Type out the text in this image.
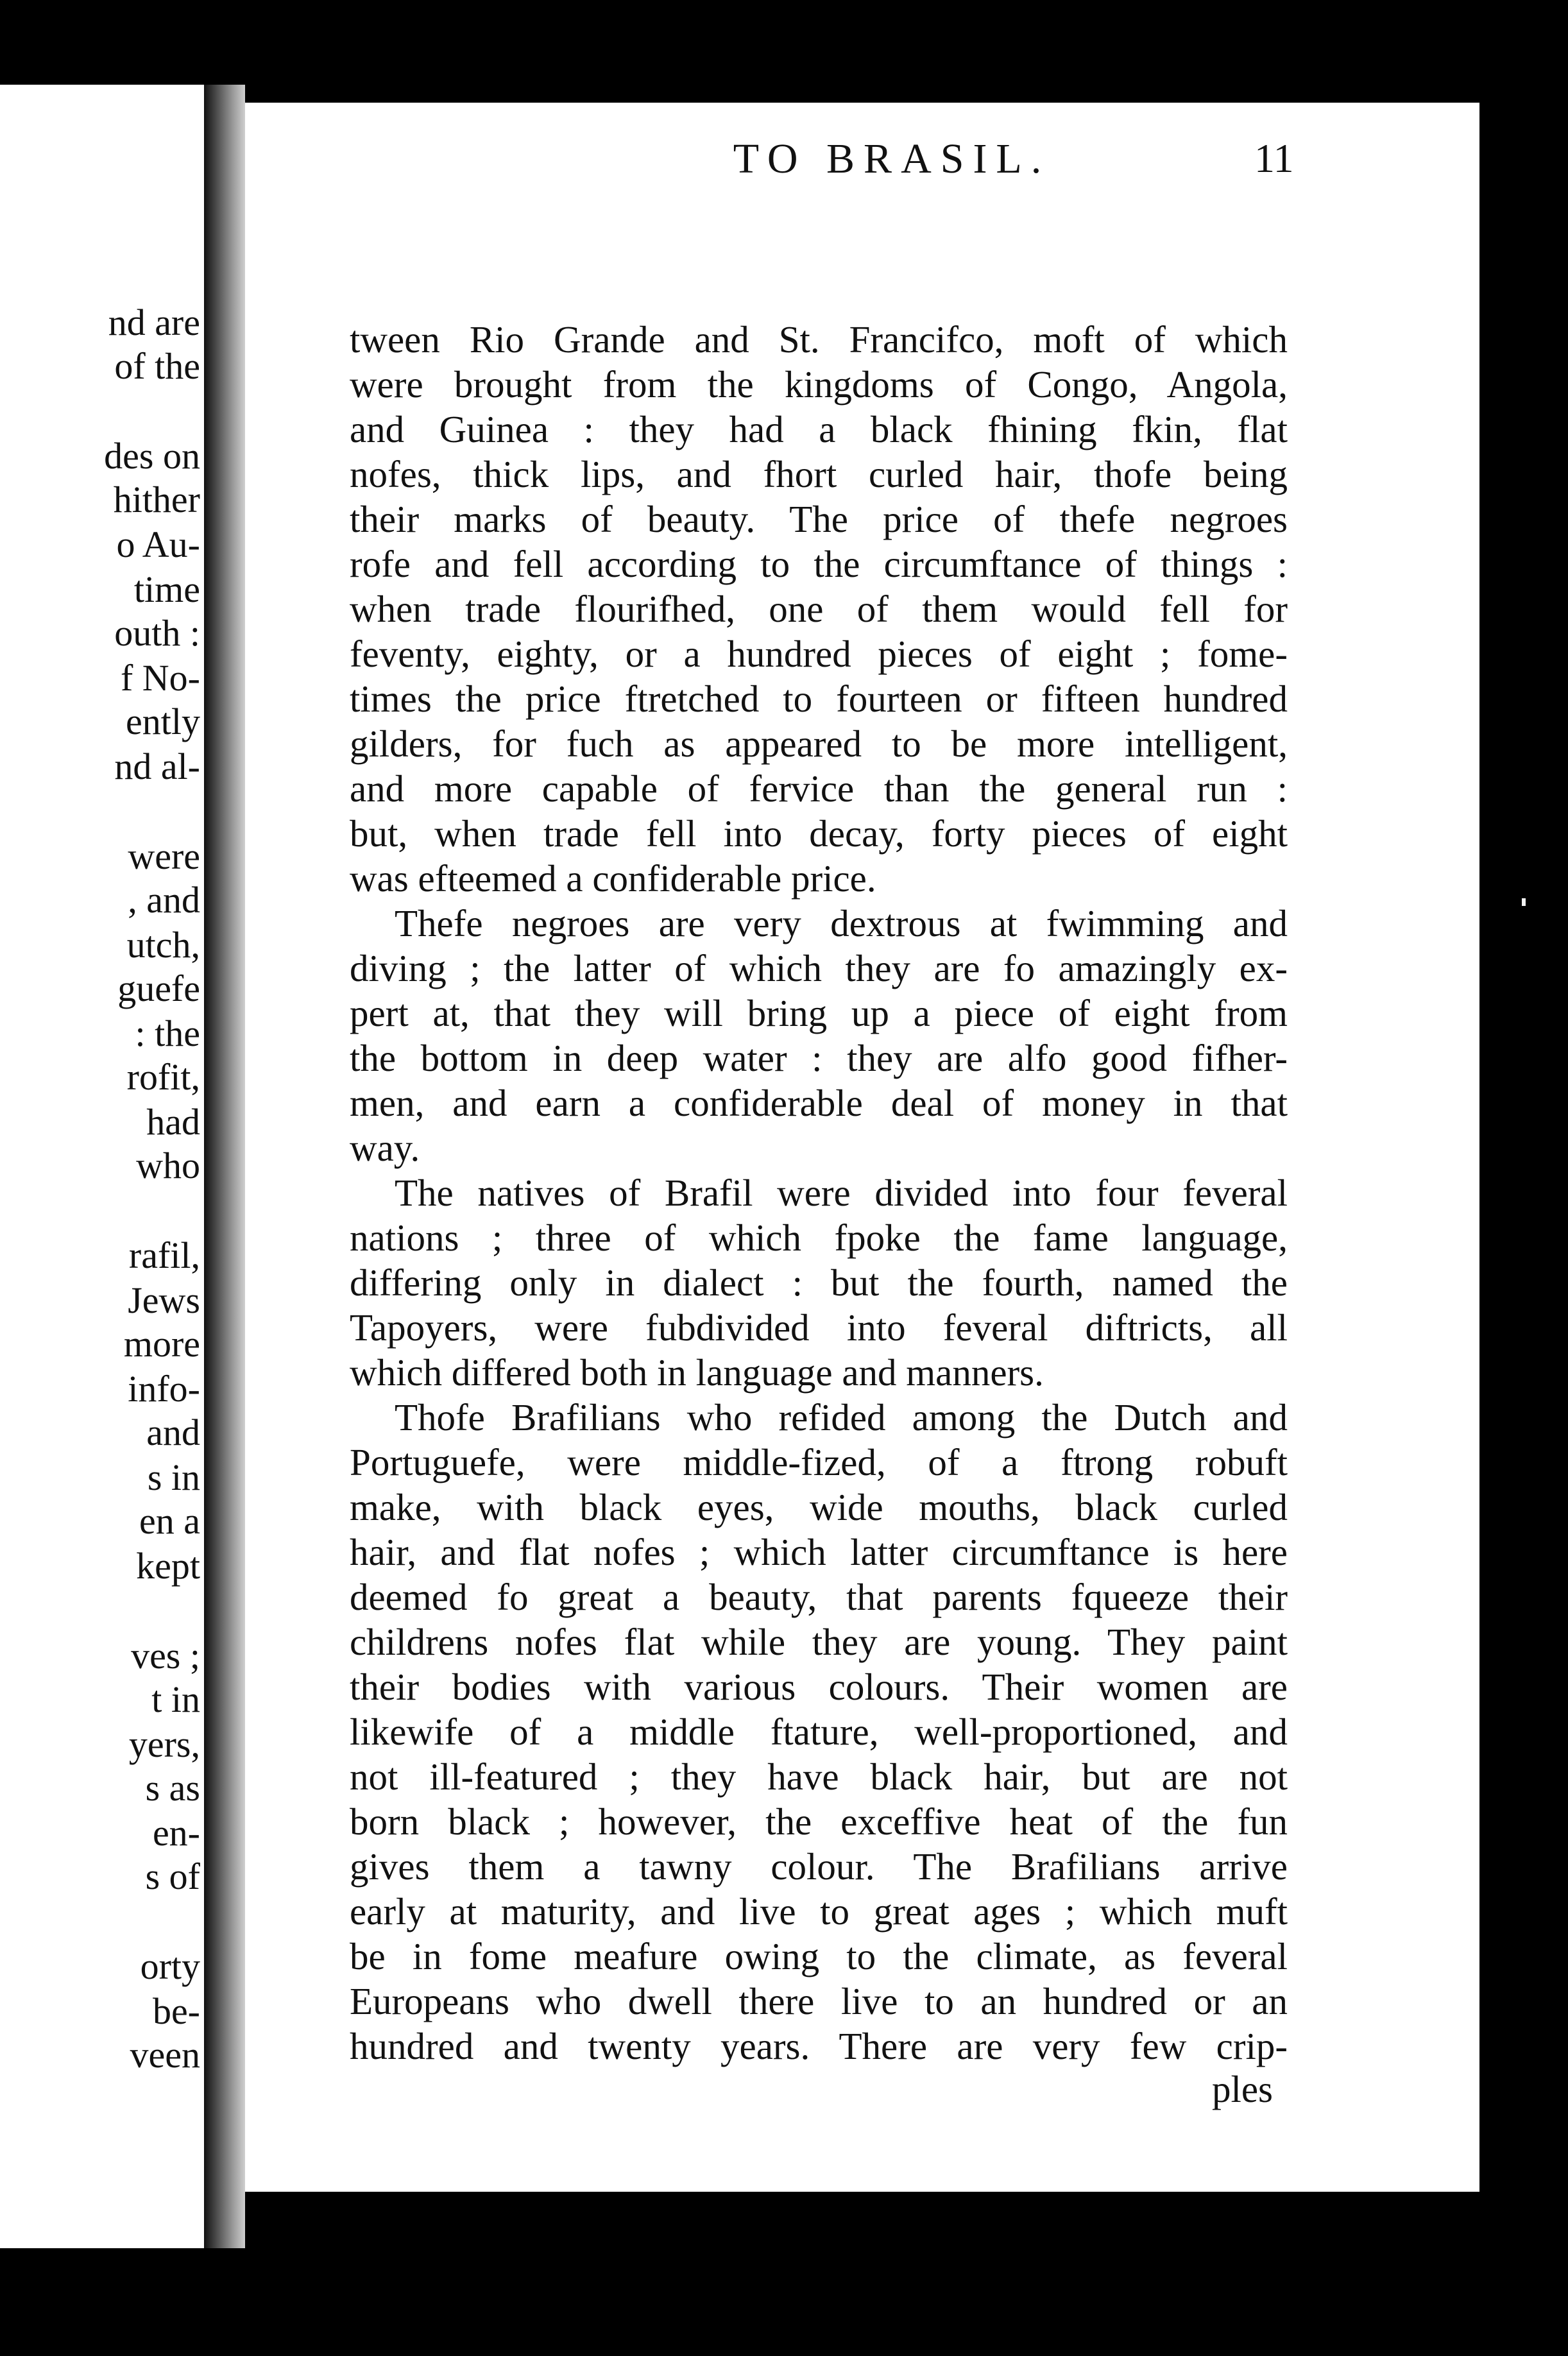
nd are
of the
des on
hither
o Au-
time
outh :
f No-
ently
nd al-
were
, and
utch,
guefe
: the
rofit,
had
who
rafil,
Jews
more
info-
and
s in
en a
kept
ves ;
t in
yers,
s as
en-
s of
orty
be-
veen
TO BRASIL.	11
tween Rio Grande and St. Francifco, moft of which
were brought from the kingdoms of Congo, Angola,
and Guinea : they had a black fhining fkin, flat
nofes, thick lips, and fhort curled hair, thofe being
their marks of beauty. The price of thefe negroes
rofe and fell according to the circumftance of things :
when trade flourifhed, one of them would fell for
feventy, eighty, or a hundred pieces of eight ; fome-
times the price ftretched to fourteen or fifteen hundred
gilders, for fuch as appeared to be more intelligent,
and more capable of fervice than the general run :
but, when trade fell into decay, forty pieces of eight
was efteemed a confiderable price.
Thefe negroes are very dextrous at fwimming and
diving ; the latter of which they are fo amazingly ex-
pert at, that they will bring up a piece of eight from
the bottom in deep water : they are alfo good fifher-
men, and earn a confiderable deal of money in that
way.
The natives of Brafil were divided into four feveral
nations ; three of which fpoke the fame language,
differing only in dialect : but the fourth, named the
Tapoyers, were fubdivided into feveral diftricts, all
which differed both in language and manners.
Thofe Brafilians who refided among the Dutch and
Portuguefe, were middle-fized, of a ftrong robuft
make, with black eyes, wide mouths, black curled
hair, and flat nofes ; which latter circumftance is here
deemed fo great a beauty, that parents fqueeze their
childrens nofes flat while they are young. They paint
their bodies with various colours. Their women are
likewife of a middle ftature, well-proportioned, and
not ill-featured ; they have black hair, but are not
born black ; however, the exceffive heat of the fun
gives them a tawny colour. The Brafilians arrive
early at maturity, and live to great ages ; which muft
be in fome meafure owing to the climate, as feveral
Europeans who dwell there live to an hundred or an
hundred and twenty years. There are very few crip-
ples
